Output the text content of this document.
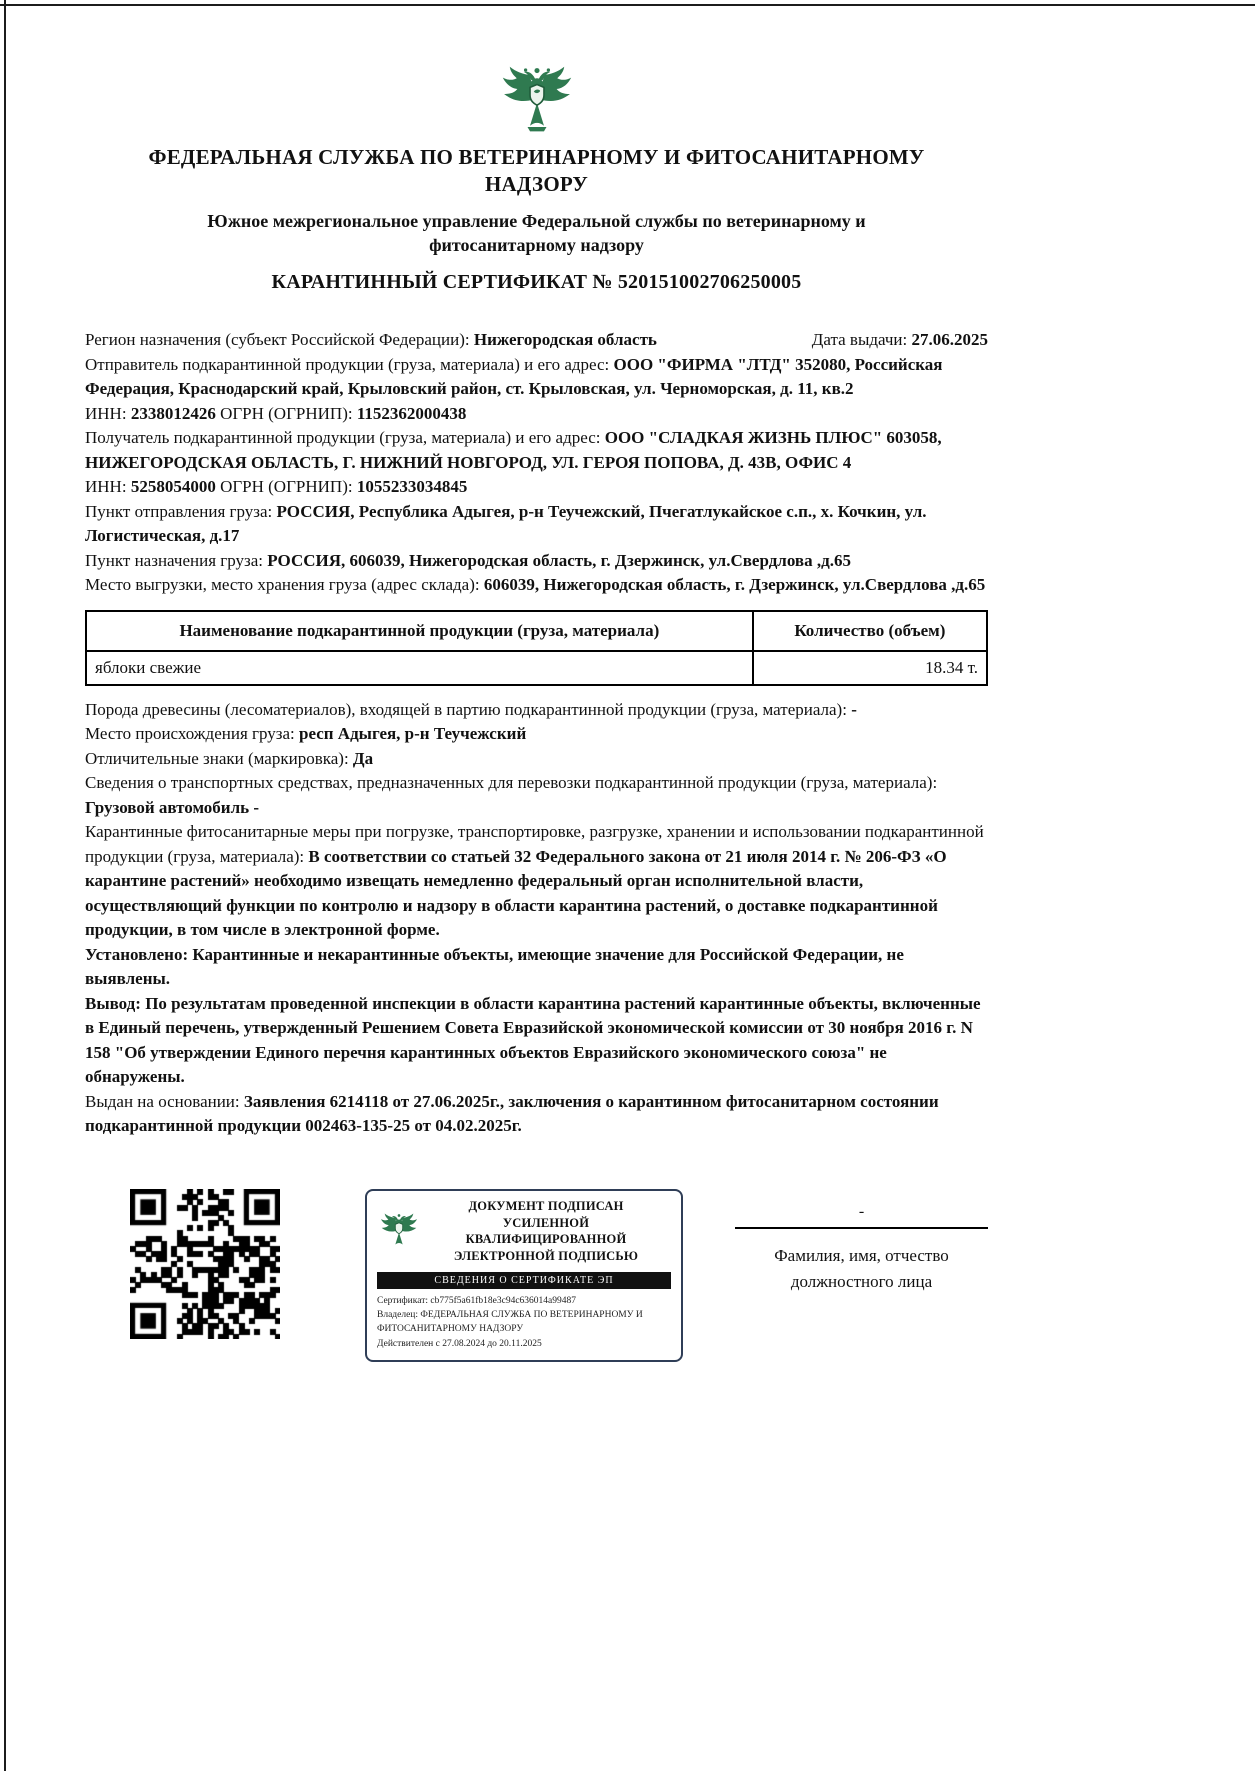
ФЕДЕРАЛЬНАЯ СЛУЖБА ПО ВЕТЕРИНАРНОМУ И ФИТОСАНИТАРНОМУ НАДЗОРУ
Южное межрегиональное управление Федеральной службы по ветеринарному и фитосанитарному надзору
КАРАНТИННЫЙ СЕРТИФИКАТ № 520151002706250005

Регион назначения (субъект Российской Федерации): Нижегородская область	Дата выдачи: 27.06.2025

Отправитель подкарантинной продукции (груза, материала) и его адрес: ООО "ФИРМА "ЛТД" 352080, Российская Федерация, Краснодарский край, Крыловский район, ст. Крыловская, ул. Черноморская, д. 11, кв.2

ИНН: 2338012426 ОГРН (ОГРНИП): 1152362000438

Получатель подкарантинной продукции (груза, материала) и его адрес: ООО "СЛАДКАЯ ЖИЗНЬ ПЛЮС" 603058, НИЖЕГОРОДСКАЯ ОБЛАСТЬ, Г. НИЖНИЙ НОВГОРОД, УЛ. ГЕРОЯ ПОПОВА, Д. 43В, ОФИС 4

ИНН: 5258054000 ОГРН (ОГРНИП): 1055233034845

Пункт отправления груза: РОССИЯ, Республика Адыгея, р-н Теучежский, Пчегатлукайское с.п., х. Кочкин, ул. Логистическая, д.17

Пункт назначения груза: РОССИЯ, 606039, Нижегородская область, г. Дзержинск, ул.Свердлова ,д.65

Место выгрузки, место хранения груза (адрес склада): 606039, Нижегородская область, г. Дзержинск, ул.Свердлова ,д.65

Наименование подкарантинной продукции (груза, материала)	Количество (объем)
яблоки свежие	18.34 т.

Порода древесины (лесоматериалов), входящей в партию подкарантинной продукции (груза, материала): -

Место происхождения груза: респ Адыгея, р-н Теучежский

Отличительные знаки (маркировка): Да

Сведения о транспортных средствах, предназначенных для перевозки подкарантинной продукции (груза, материала): Грузовой автомобиль -

Карантинные фитосанитарные меры при погрузке, транспортировке, разгрузке, хранении и использовании подкарантинной продукции (груза, материала): В соответствии со статьей 32 Федерального закона от 21 июля 2014 г. № 206-ФЗ «О карантине растений» необходимо извещать немедленно федеральный орган исполнительной власти, осуществляющий функции по контролю и надзору в области карантина растений, о доставке подкарантинной продукции, в том числе в электронной форме.

Установлено: Карантинные и некарантинные объекты, имеющие значение для Российской Федерации, не выявлены.

Вывод: По результатам проведенной инспекции в области карантина растений карантинные объекты, включенные в Единый перечень, утвержденный Решением Совета Евразийской экономической комиссии от 30 ноября 2016 г. N 158 "Об утверждении Единого перечня карантинных объектов Евразийского экономического союза" не обнаружены.

Выдан на основании: Заявления 6214118 от 27.06.2025г., заключения о карантинном фитосанитарном состоянии подкарантинной продукции 002463-135-25 от 04.02.2025г.

ДОКУМЕНТ ПОДПИСАН
УСИЛЕННОЙ КВАЛИФИЦИРОВАННОЙ
ЭЛЕКТРОННОЙ ПОДПИСЬЮ
СВЕДЕНИЯ О СЕРТИФИКАТЕ ЭП
Сертификат: cb775f5a61fb18e3c94c636014a99487
Владелец: ФЕДЕРАЛЬНАЯ СЛУЖБА ПО ВЕТЕРИНАРНОМУ И ФИТОСАНИТАРНОМУ НАДЗОРУ
Действителен с 27.08.2024 до 20.11.2025
-
Фамилия, имя, отчество
должностного лица
